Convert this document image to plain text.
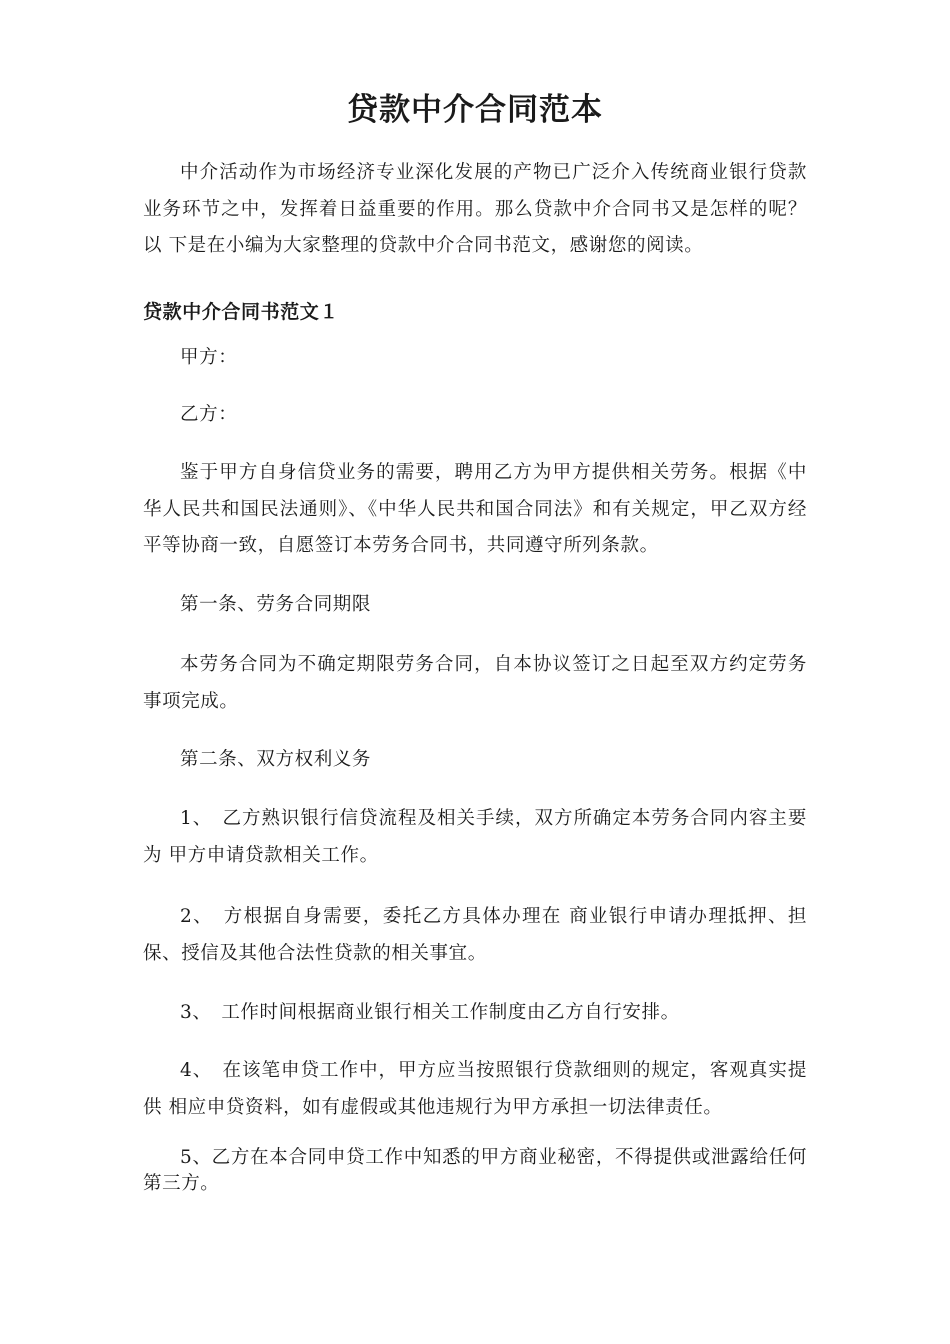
贷款中介合同范本

中介活动作为市场经济专业深化发展的产物已广泛介入传统商业银行贷款业务环节之中，发挥着日益重要的作用。那么贷款中介合同书又是怎样的呢？以 下是在小编为大家整理的贷款中介合同书范文，感谢您的阅读。

贷款中介合同书范文１

甲方：

乙方：

鉴于甲方自身信贷业务的需要，聘用乙方为甲方提供相关劳务。根据《中华人民共和国民法通则》、《中华人民共和国合同法》和有关规定，甲乙双方经平等协商一致，自愿签订本劳务合同书，共同遵守所列条款。

第一条、劳务合同期限

本劳务合同为不确定期限劳务合同，自本协议签订之日起至双方约定劳务事项完成。

第二条、双方权利义务

1、　乙方熟识银行信贷流程及相关手续，双方所确定本劳务合同内容主要为 甲方申请贷款相关工作。

2、　方根据自身需要，委托乙方具体办理在 商业银行申请办理抵押、担保、授信及其他合法性贷款的相关事宜。

3、　工作时间根据商业银行相关工作制度由乙方自行安排。

4、　在该笔申贷工作中，甲方应当按照银行贷款细则的规定，客观真实提供 相应申贷资料，如有虚假或其他违规行为甲方承担一切法律责任。

5、乙方在本合同申贷工作中知悉的甲方商业秘密，不得提供或泄露给任何第三方。
